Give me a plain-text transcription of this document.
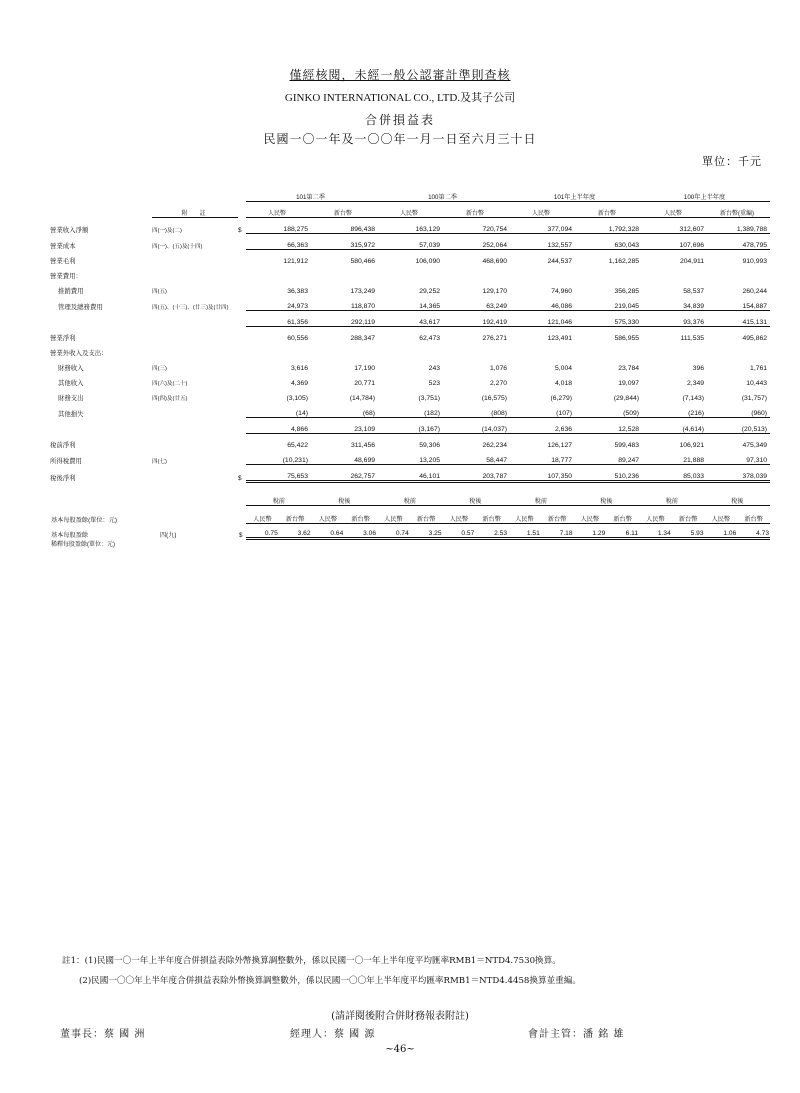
僅經核閱，未經一般公認審計準則查核
GINKO INTERNATIONAL CO., LTD.及其子公司
合併損益表
民國一〇一年及一〇〇年一月一日至六月三十日
單位：千元
			101第二季		100第二季		101年上半年度		100年上半年度	
	附　　註		人民幣	新台幣	人民幣	新台幣	人民幣	新台幣	人民幣	新台幣(重編)
營業收入淨額	四(一)及(二)	$	188,275	896,438	163,129	720,754	377,094	1,792,328	312,607	1,389,788
營業成本	四(一)、(五)及(十四)		66,363	315,972	57,039	252,064	132,557	630,043	107,696	478,795
營業毛利			121,912	580,466	106,090	468,690	244,537	1,162,285	204,911	910,993
營業費用：										
推銷費用	四(五)		36,383	173,249	29,252	129,170	74,960	356,285	58,537	260,244
管理及總務費用	四(五)、(十三)、(廿三)及(廿四)		24,973	118,870	14,365	63,249	46,086	219,045	34,839	154,887
			61,356	292,119	43,617	192,419	121,046	575,330	93,376	415,131
營業淨利			60,556	288,347	62,473	276,271	123,491	586,955	111,535	495,862
營業外收入及支出：										
財務收入	四(三)		3,616	17,190	243	1,076	5,004	23,784	396	1,761
其他收入	四(六)及(二十)		4,369	20,771	523	2,270	4,018	19,097	2,349	10,443
財務支出	四(四)及(廿五)		(3,105)	(14,784)	(3,751)	(16,575)	(6,279)	(29,844)	(7,143)	(31,757)
其他損失			(14)	(68)	(182)	(808)	(107)	(509)	(216)	(960)
			4,866	23,109	(3,167)	(14,037)	2,636	12,528	(4,614)	(20,513)
稅前淨利			65,422	311,456	59,306	262,234	126,127	599,483	106,921	475,349
所得稅費用	四(七)		(10,231)	48,699	13,205	58,447	18,777	89,247	21,888	97,310
稅後淨利		$	75,653	262,757	46,101	203,787	107,350	510,236	85,033	378,039
		稅前		稅後		稅前		稅後		稅前		稅後		稅前		稅後	
基本每股盈餘(單位：元)		人民幣	新台幣	人民幣	新台幣	人民幣	新台幣	人民幣	新台幣	人民幣	新台幣	人民幣	新台幣	人民幣	新台幣	人民幣	新台幣
基本每股盈餘 四(九)	$	0.75	3.62	0.64	3.06	0.74	3.25	0.57	2.53	1.51	7.18	1.29	6.11	1.34	5.93	1.06	4.73
稀釋每股盈餘(單位：元)																	
註1：(1)民國一〇一年上半年度合併損益表除外幣換算調整數外，係以民國一〇一年上半年度平均匯率RMB1＝NTD4.7530換算。
(2)民國一〇〇年上半年度合併損益表除外幣換算調整數外，係以民國一〇〇年上半年度平均匯率RMB1＝NTD4.4458換算並重編。
(請詳閱後附合併財務報表附註)
董事長：蔡 國 洲	經理人：蔡 國 源	會計主管：潘 銘 雄
~46~
